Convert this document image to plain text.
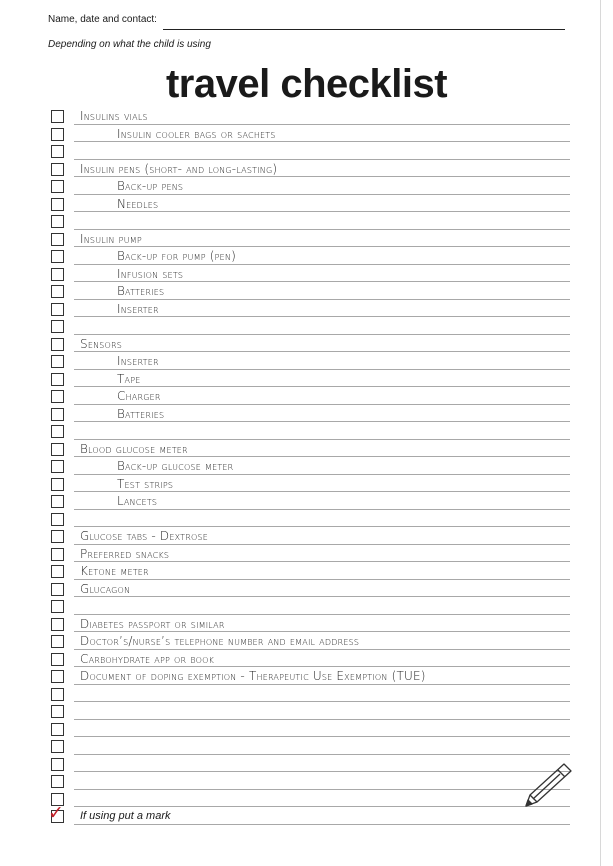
Name, date and contact:
Depending on what the child is using
travel checklist
Insulins vials
Insulin cooler bags or sachets
Insulin pens (short- and long-lasting)
Back-up pens
Needles
Insulin pump
Back-up for pump (pen)
Infusion sets
Batteries
Inserter
Sensors
Inserter
Tape
Charger
Batteries
Blood glucose meter
Back-up glucose meter
Test strips
Lancets
Glucose tabs - Dextrose
Preferred snacks
Ketone meter
Glucagon
Diabetes passport or similar
Doctor’s/nurse’s telephone number and email address
Carbohydrate app or book
Document of doping exemption - Therapeutic Use Exemption (TUE)
✓ If using put a mark
